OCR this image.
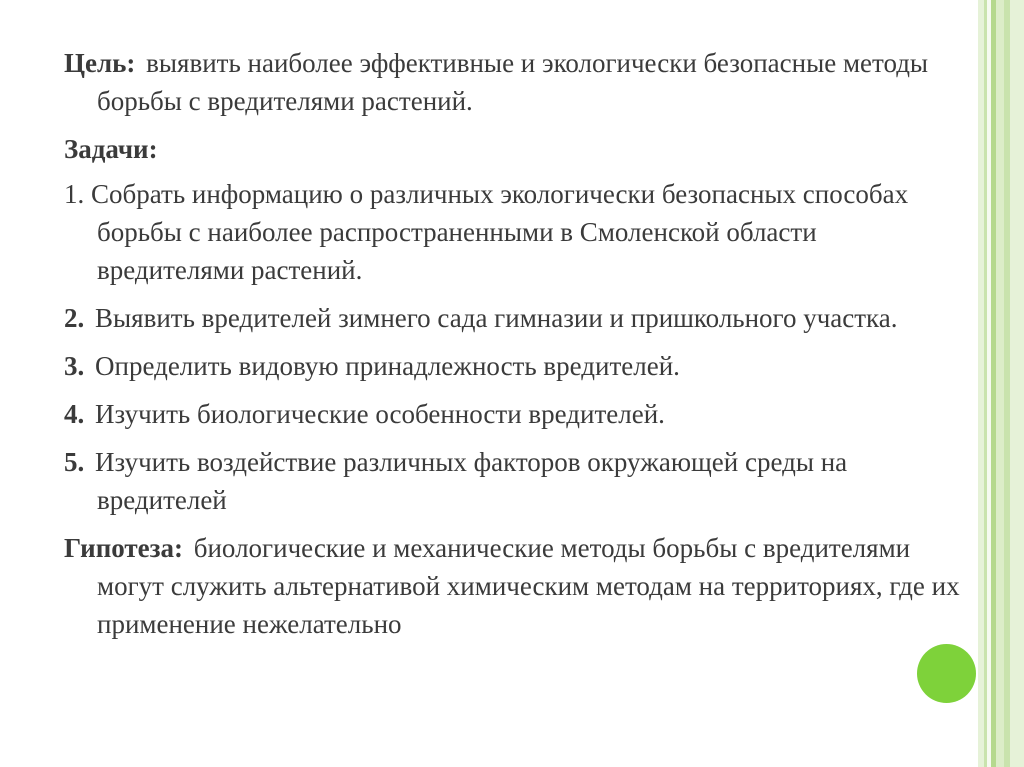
Цель: выявить наиболее эффективные и экологически безопасные методы борьбы с вредителями растений.

Задачи:

1. Собрать информацию о различных экологически безопасных способах борьбы с наиболее распространенными в Смоленской области вредителями растений.

2. Выявить вредителей зимнего сада гимназии и пришкольного участка.

3. Определить видовую принадлежность вредителей.

4. Изучить биологические особенности вредителей.

5. Изучить воздействие различных факторов окружающей среды на вредителей

Гипотеза: биологические и механические методы борьбы с вредителями могут служить альтернативой химическим методам на территориях, где их применение нежелательно
